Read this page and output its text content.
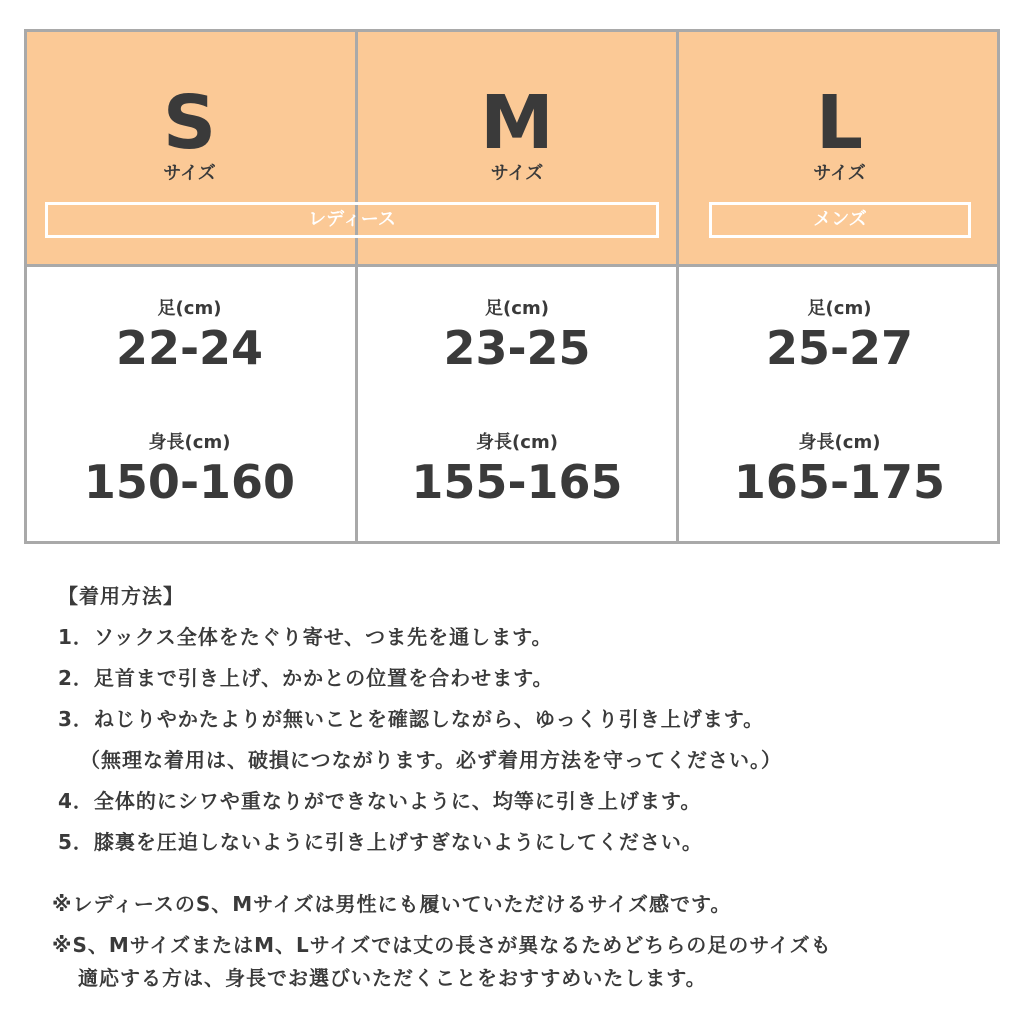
S
サイズ
足(cm)
22-24
身長(cm)
150-160
M
サイズ
足(cm)
23-25
身長(cm)
155-165
L
サイズ
足(cm)
25-27
身長(cm)
165-175
レディース	メンズ
【着用方法】
1．ソックス全体をたぐり寄せ、つま先を通します。
2．足首まで引き上げ、かかとの位置を合わせます。
3．ねじりやかたよりが無いことを確認しながら、ゆっくり引き上げます。
（無理な着用は、破損につながります。必ず着用方法を守ってください。）
4．全体的にシワや重なりができないように、均等に引き上げます。
5．膝裏を圧迫しないように引き上げすぎないようにしてください。
※レディースのS、Mサイズは男性にも履いていただけるサイズ感です。
※S、MサイズまたはM、Lサイズでは丈の長さが異なるためどちらの足のサイズも
適応する方は、身長でお選びいただくことをおすすめいたします。
